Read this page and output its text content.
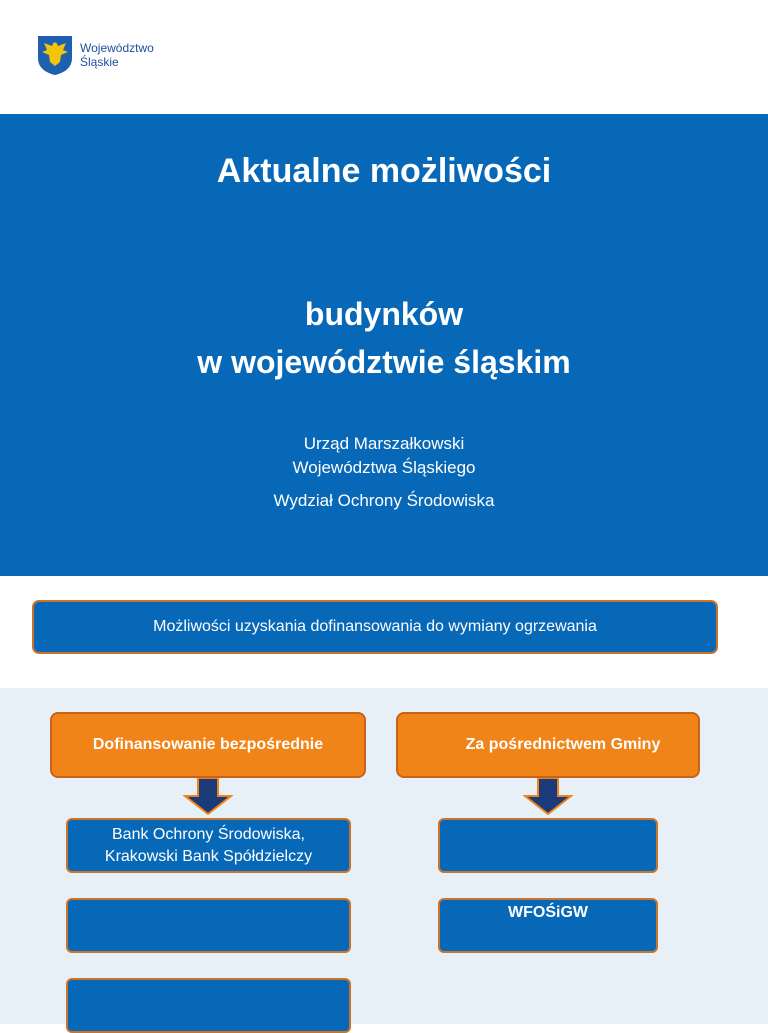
Województwo
Śląskie
Aktualne możliwości
budynków
w województwie śląskim
Urząd Marszałkowski
Województwa Śląskiego
Wydział Ochrony Środowiska
Możliwości uzyskania dofinansowania do wymiany ogrzewania
Dofinansowanie bezpośrednie
Bank Ochrony Środowiska,
Krakowski Bank Spółdzielczy
Za pośrednictwem Gminy
WFOŚiGW
